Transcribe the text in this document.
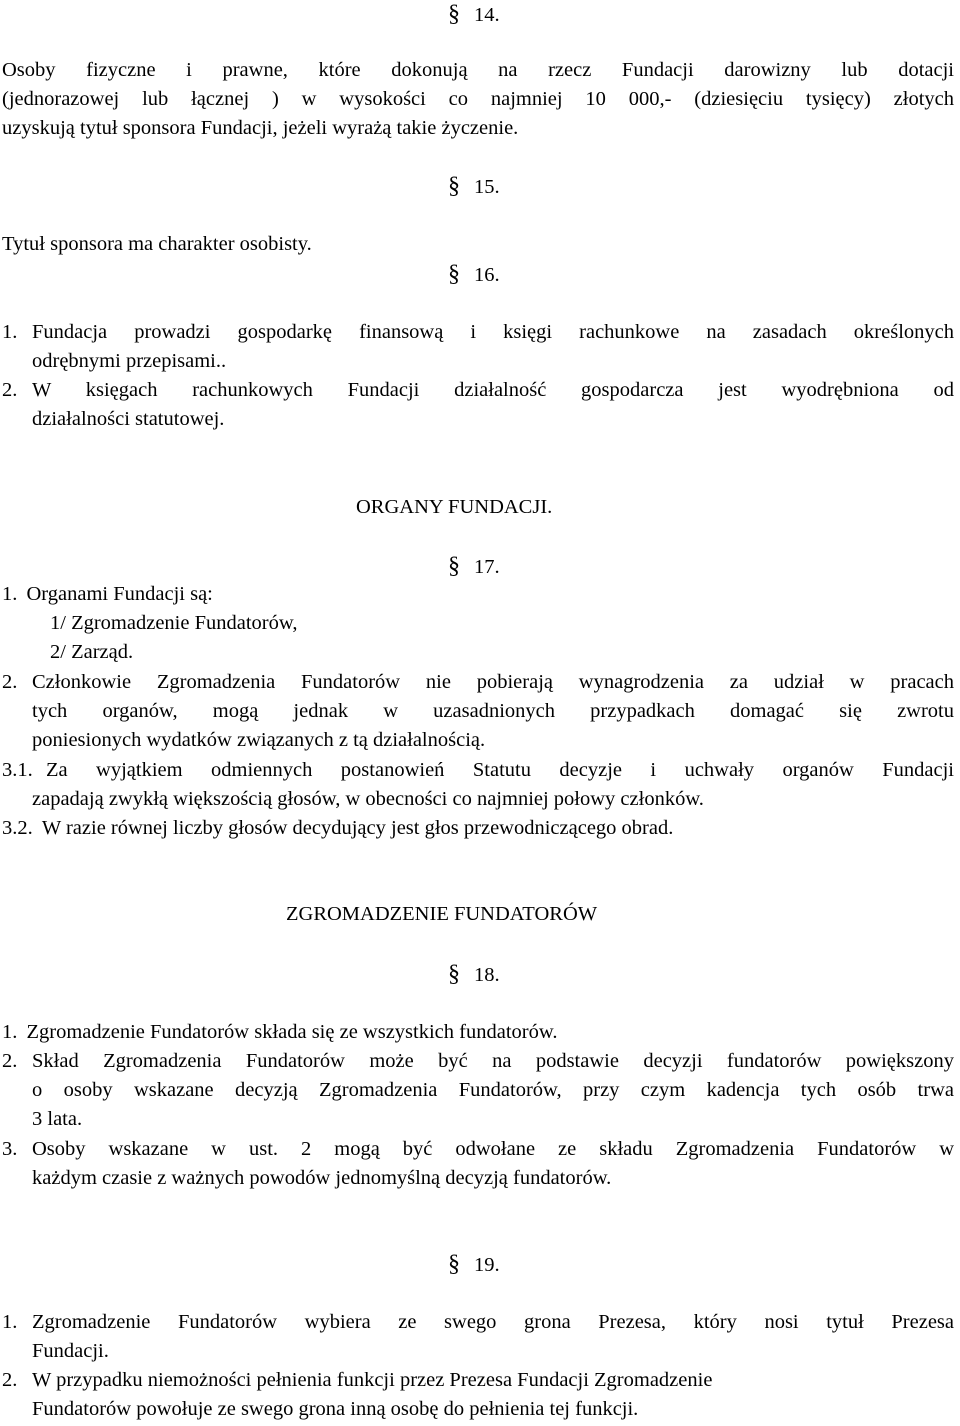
§ 14.
Osoby fizyczne i prawne, które dokonują na rzecz Fundacji darowizny lub dotacji
(jednorazowej lub łącznej ) w wysokości co najmniej 10 000,- (dziesięciu tysięcy) złotych
uzyskują tytuł sponsora Fundacji, jeżeli wyrażą takie życzenie.
§ 15.
Tytuł sponsora ma charakter osobisty.
§ 16.
1. Fundacja prowadzi gospodarkę finansową i księgi rachunkowe na zasadach określonych
odrębnymi przepisami..
2. W księgach rachunkowych Fundacji działalność gospodarcza jest wyodrębniona od
działalności statutowej.
ORGANY FUNDACJI.
§ 17.
1. Organami Fundacji są:
1/ Zgromadzenie Fundatorów,
2/ Zarząd.
2. Członkowie Zgromadzenia Fundatorów nie pobierają wynagrodzenia za udział w pracach
tych organów, mogą jednak w uzasadnionych przypadkach domagać się zwrotu
poniesionych wydatków związanych z tą działalnością.
3.1. Za wyjątkiem odmiennych postanowień Statutu decyzje i uchwały organów Fundacji
zapadają zwykłą większością głosów, w obecności co najmniej połowy członków.
3.2. W razie równej liczby głosów decydujący jest głos przewodniczącego obrad.
ZGROMADZENIE FUNDATORÓW
§ 18.
1. Zgromadzenie Fundatorów składa się ze wszystkich fundatorów.
2. Skład Zgromadzenia Fundatorów może być na podstawie decyzji fundatorów powiększony
o osoby wskazane decyzją Zgromadzenia Fundatorów, przy czym kadencja tych osób trwa
3 lata.
3. Osoby wskazane w ust. 2 mogą być odwołane ze składu Zgromadzenia Fundatorów w
każdym czasie z ważnych powodów jednomyślną decyzją fundatorów.
§ 19.
1. Zgromadzenie Fundatorów wybiera ze swego grona Prezesa, który nosi tytuł Prezesa
Fundacji.
2. W przypadku niemożności pełnienia funkcji przez Prezesa Fundacji Zgromadzenie
Fundatorów powołuje ze swego grona inną osobę do pełnienia tej funkcji.
